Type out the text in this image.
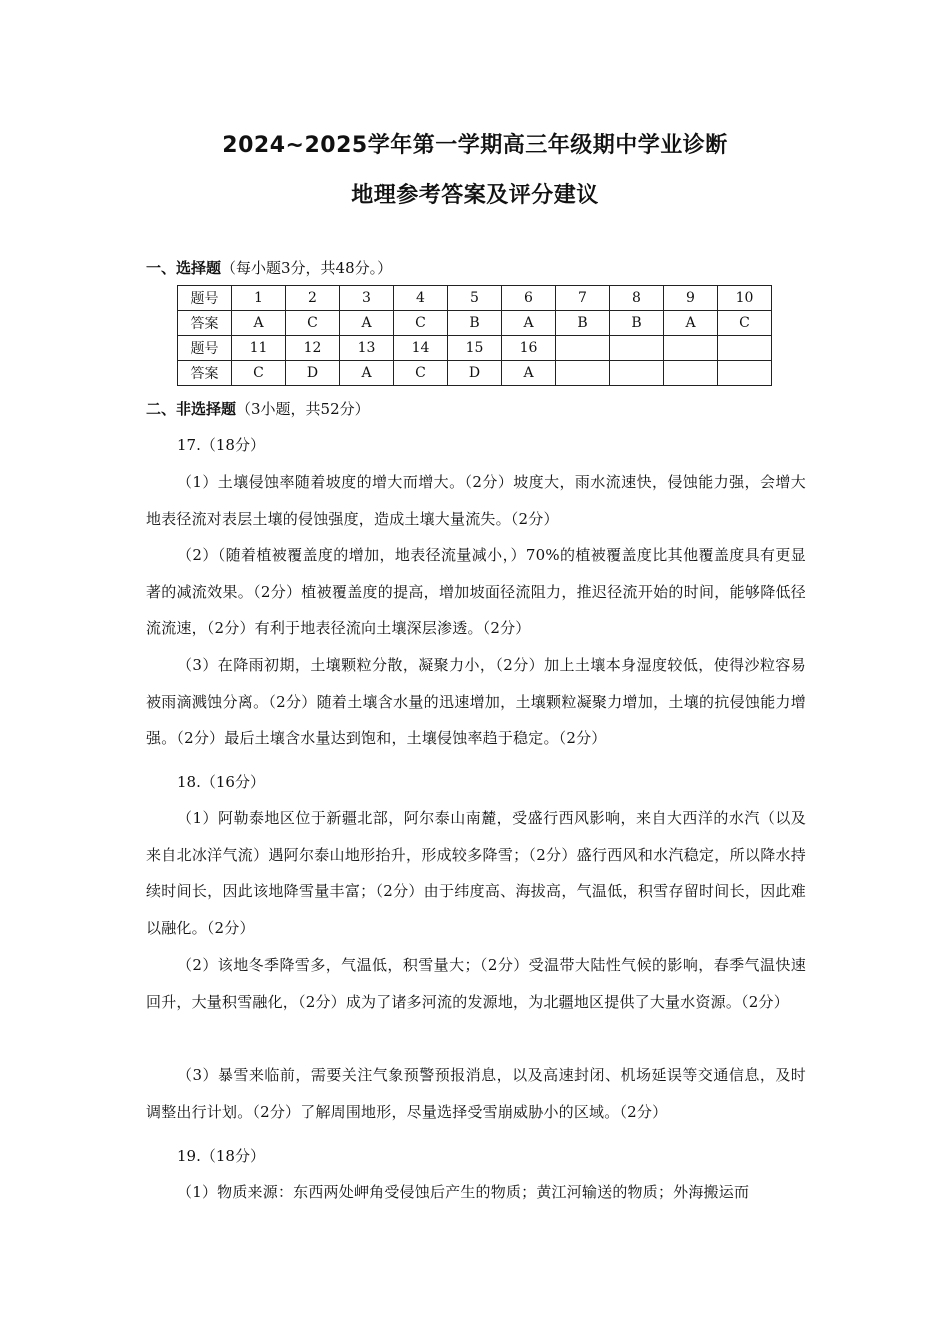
2024~2025学年第一学期高三年级期中学业诊断
地理参考答案及评分建议
一、选择题（每小题3分，共48分。）
题号	1	2	3	4	5	6	7	8	9	10
答案	A	C	A	C	B	A	B	B	A	C
题号	11	12	13	14	15	16				
答案	C	D	A	C	D	A				
二、非选择题（3小题，共52分）
17.（18分）

（1）土壤侵蚀率随着坡度的增大而增大。（2分）坡度大，雨水流速快，侵蚀能力强，会增大地表径流对表层土壤的侵蚀强度，造成土壤大量流失。（2分）

（2）（随着植被覆盖度的增加，地表径流量减小，）70%的植被覆盖度比其他覆盖度具有更显著的减流效果。（2分）植被覆盖度的提高，增加坡面径流阻力，推迟径流开始的时间，能够降低径流流速，（2分）有利于地表径流向土壤深层渗透。（2分）

（3）在降雨初期，土壤颗粒分散，凝聚力小，（2分）加上土壤本身湿度较低，使得沙粒容易被雨滴溅蚀分离。（2分）随着土壤含水量的迅速增加，土壤颗粒凝聚力增加，土壤的抗侵蚀能力增强。（2分）最后土壤含水量达到饱和，土壤侵蚀率趋于稳定。（2分）

18.（16分）

（1）阿勒泰地区位于新疆北部，阿尔泰山南麓，受盛行西风影响，来自大西洋的水汽（以及来自北冰洋气流）遇阿尔泰山地形抬升，形成较多降雪；（2分）盛行西风和水汽稳定，所以降水持续时间长，因此该地降雪量丰富；（2分）由于纬度高、海拔高，气温低，积雪存留时间长，因此难以融化。（2分）

（2）该地冬季降雪多，气温低，积雪量大；（2分）受温带大陆性气候的影响，春季气温快速回升，大量积雪融化，（2分）成为了诸多河流的发源地，为北疆地区提供了大量水资源。（2分）

（3）暴雪来临前，需要关注气象预警预报消息，以及高速封闭、机场延误等交通信息，及时调整出行计划。（2分）了解周围地形，尽量选择受雪崩威胁小的区域。（2分）

19.（18分）

（1）物质来源：东西两处岬角受侵蚀后产生的物质；黄江河输送的物质；外海搬运而
